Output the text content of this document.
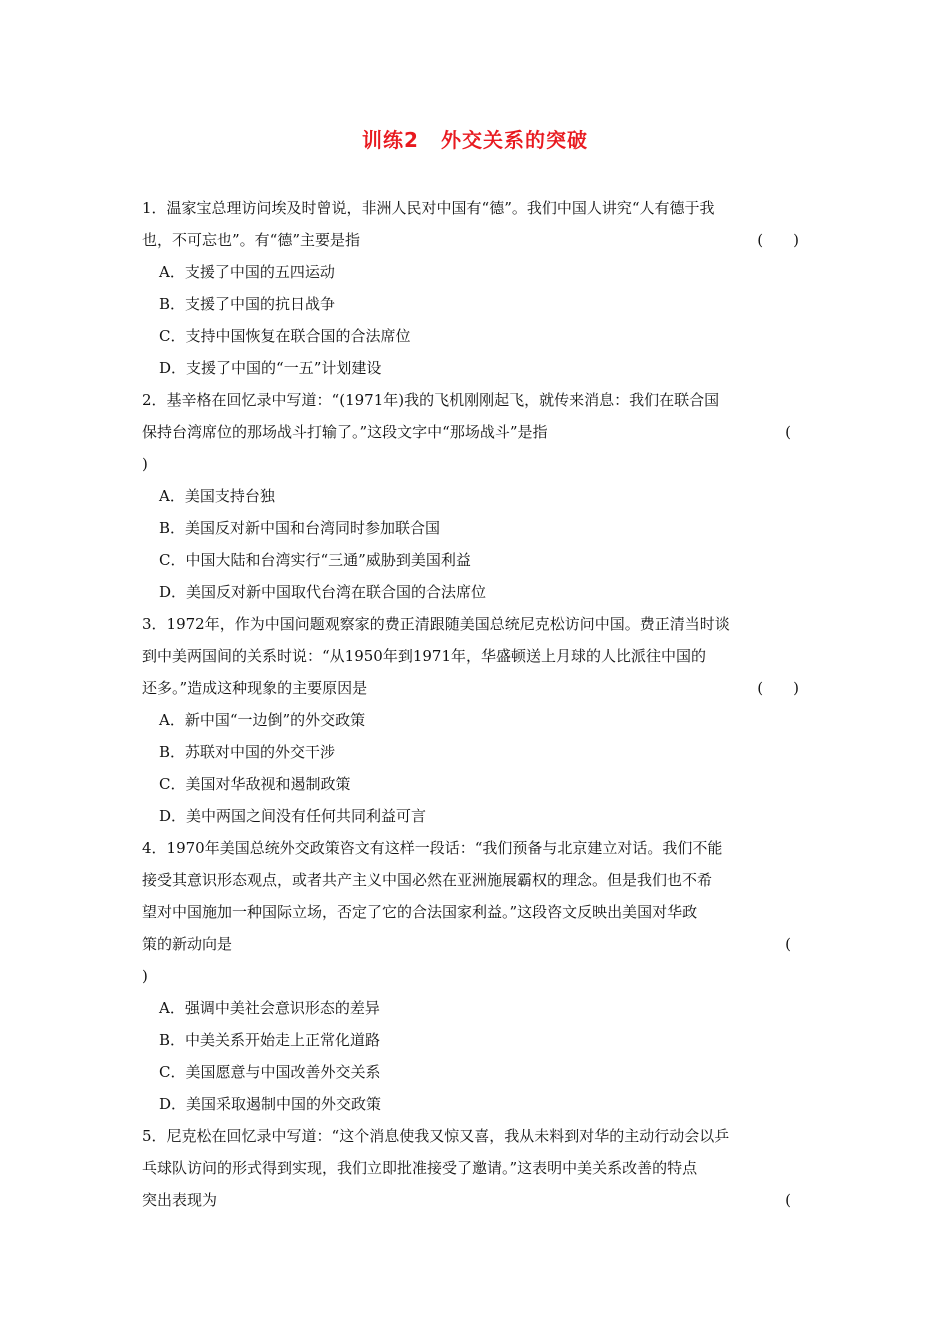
训练2 外交关系的突破
1．温家宝总理访问埃及时曾说，非洲人民对中国有“德”。我们中国人讲究“人有德于我
也，不可忘也”。有“德”主要是指	(　　)
A．支援了中国的五四运动
B．支援了中国的抗日战争
C．支持中国恢复在联合国的合法席位
D．支援了中国的“一五”计划建设
2．基辛格在回忆录中写道：“(1971年)我的飞机刚刚起飞，就传来消息：我们在联合国
保持台湾席位的那场战斗打输了。”这段文字中“那场战斗”是指	(
)
A．美国支持台独
B．美国反对新中国和台湾同时参加联合国
C．中国大陆和台湾实行“三通”威胁到美国利益
D．美国反对新中国取代台湾在联合国的合法席位
3．1972年，作为中国问题观察家的费正清跟随美国总统尼克松访问中国。费正清当时谈
到中美两国间的关系时说：“从1950年到1971年，华盛顿送上月球的人比派往中国的
还多。”造成这种现象的主要原因是	(　　)
A．新中国“一边倒”的外交政策
B．苏联对中国的外交干涉
C．美国对华敌视和遏制政策
D．美中两国之间没有任何共同利益可言
4．1970年美国总统外交政策咨文有这样一段话：“我们预备与北京建立对话。我们不能
接受其意识形态观点，或者共产主义中国必然在亚洲施展霸权的理念。但是我们也不希
望对中国施加一种国际立场，否定了它的合法国家利益。”这段咨文反映出美国对华政
策的新动向是	(
)
A．强调中美社会意识形态的差异
B．中美关系开始走上正常化道路
C．美国愿意与中国改善外交关系
D．美国采取遏制中国的外交政策
5．尼克松在回忆录中写道：“这个消息使我又惊又喜，我从未料到对华的主动行动会以乒
乓球队访问的形式得到实现，我们立即批准接受了邀请。”这表明中美关系改善的特点
突出表现为	(
